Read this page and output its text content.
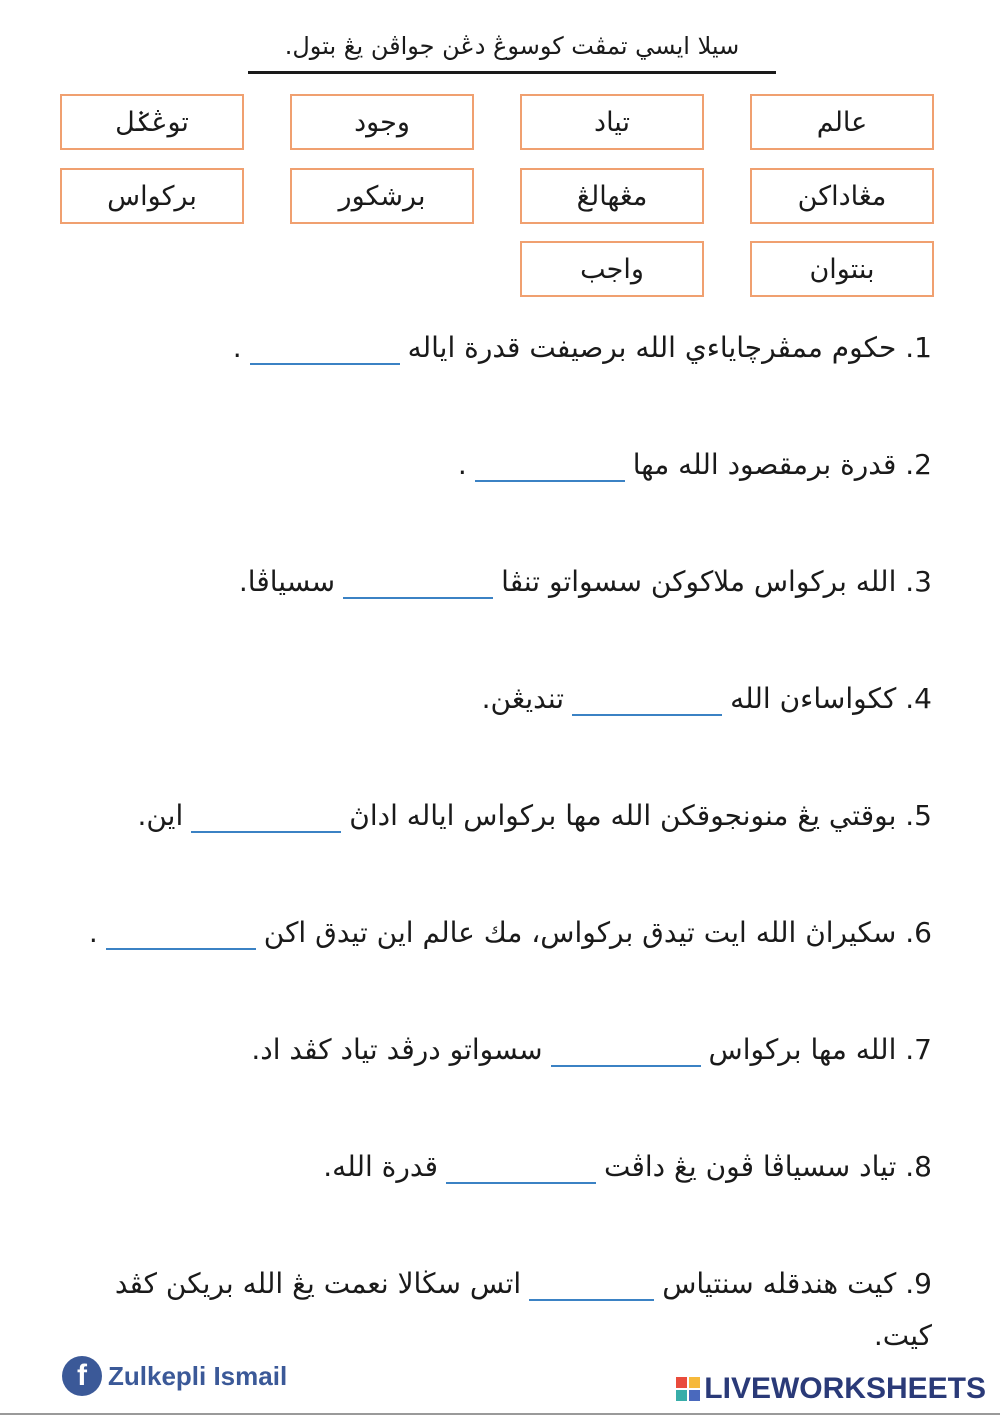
سيلا ايسي تمڤت كوسوڠ دڠن جواڤن يڠ بتول.
عالم
تياد
وجود
توڠݢل
مڠاداكن
مڠهالڠ
برشكور
بركواس
بنتوان
واجب
1. حكوم ممڤرچاياءي الله برصيفت قدرة اياله.
2. قدرة برمقصود الله مها.
3. الله بركواس ملاكوكن سسواتو تنڤاسسياڤا.
4. ككواساءن اللهتنديڠن.
5. بوقتي يڠ منونجوقكن الله مها بركواس اياله اداڽاين.
6. سكيراڽ الله ايت تيدق بركواس، مك عالم اين تيدق اكن.
7. الله مها بركواسسسواتو درڤد تياد كڤد اد.
8. تياد سسياڤا ڤون يڠ داڤتقدرة الله.
9. كيت هندقله سنتياساتس سڬالا نعمت يڠ الله بريكن كڤد كيت.
f Zulkepli Ismail	LIVEWORKSHEETS
